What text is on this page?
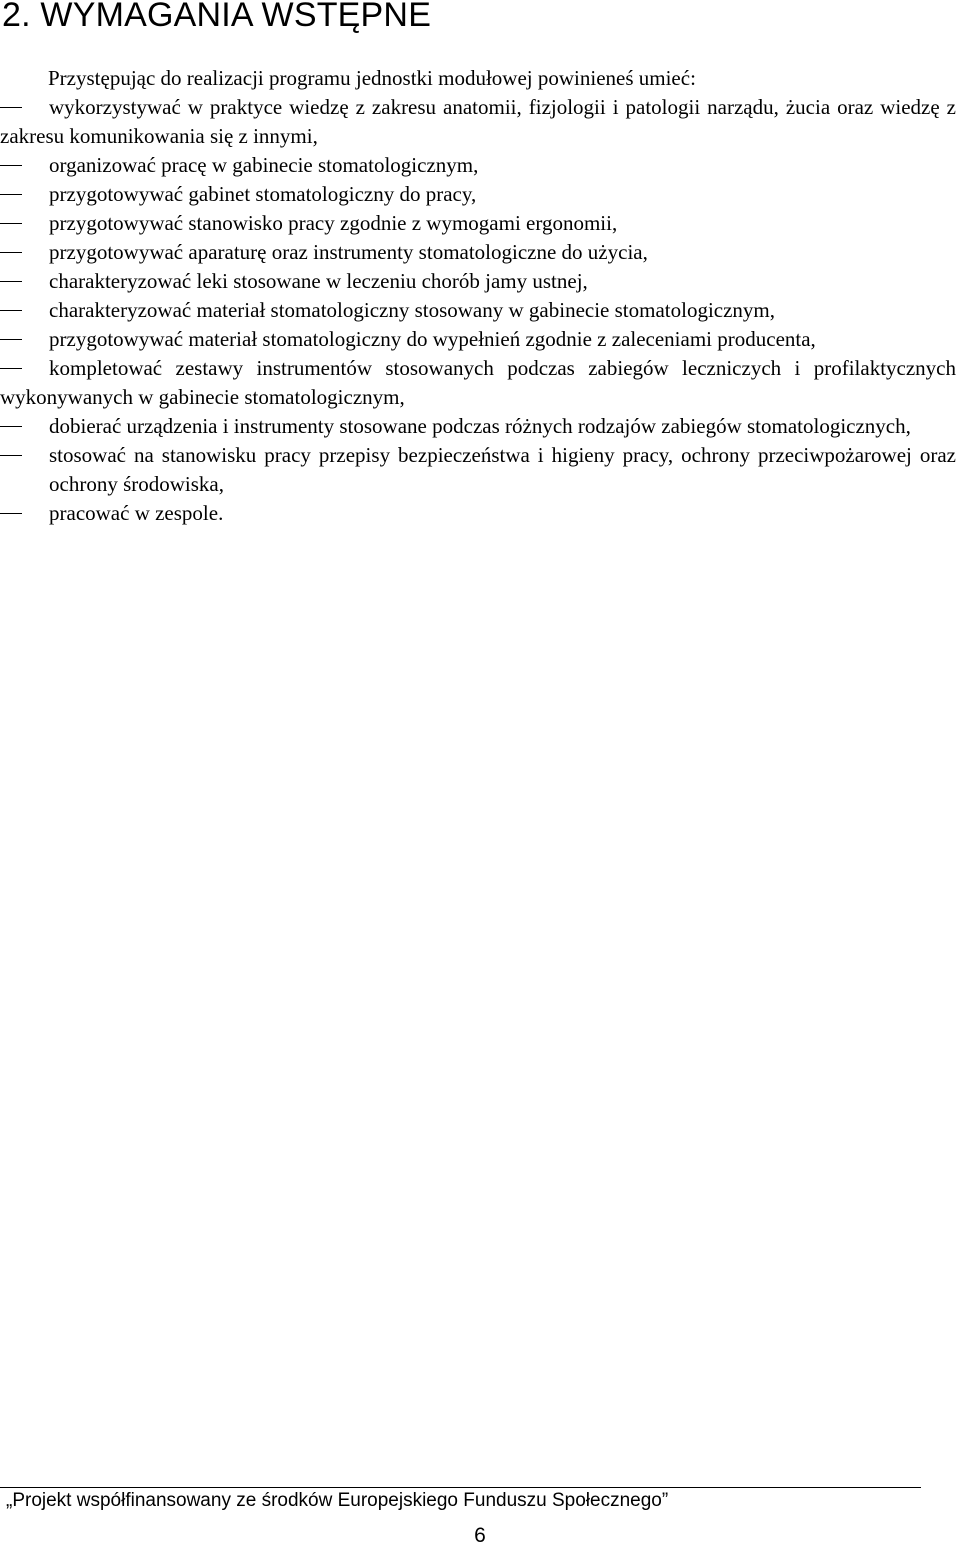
2. WYMAGANIA WSTĘPNE

Przystępując do realizacji programu jednostki modułowej powinieneś umieć:

wykorzystywać w praktyce wiedzę z zakresu anatomii, fizjologii i patologii narządu, żucia oraz wiedzę z zakresu komunikowania się z innymi,
organizować pracę w gabinecie stomatologicznym,
przygotowywać gabinet stomatologiczny do pracy,
przygotowywać stanowisko pracy zgodnie z wymogami ergonomii,
przygotowywać aparaturę oraz instrumenty stomatologiczne do użycia,
charakteryzować leki stosowane w leczeniu chorób jamy ustnej,
charakteryzować materiał stomatologiczny stosowany w gabinecie stomatologicznym,
przygotowywać materiał stomatologiczny do wypełnień zgodnie z zaleceniami producenta,
kompletować zestawy instrumentów stosowanych podczas zabiegów leczniczych i profilaktycznych wykonywanych w gabinecie stomatologicznym,
dobierać urządzenia i instrumenty stosowane podczas różnych rodzajów zabiegów stomatologicznych,
stosować na stanowisku pracy przepisy bezpieczeństwa i higieny pracy, ochrony przeciwpożarowej oraz ochrony środowiska,
pracować w zespole.

„Projekt współfinansowany ze środków Europejskiego Funduszu Społecznego”

6
